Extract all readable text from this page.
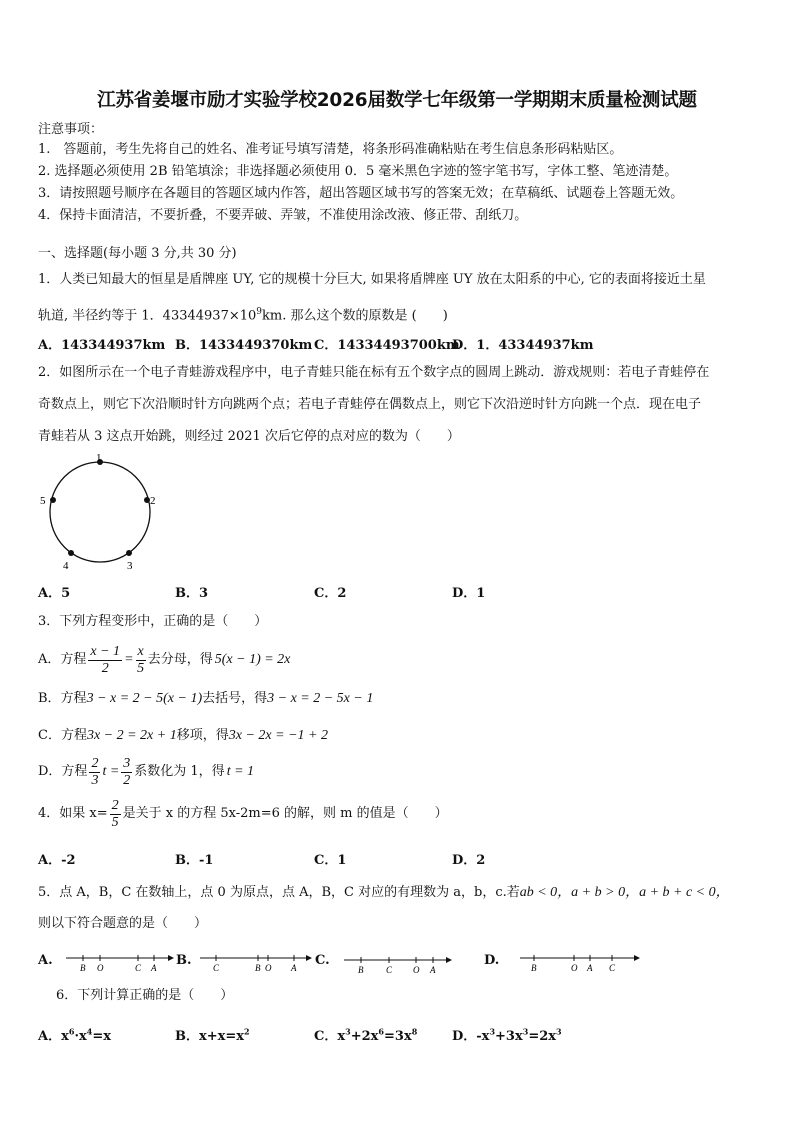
江苏省姜堰市励才实验学校2026届数学七年级第一学期期末质量检测试题
注意事项：
1.　答题前，考生先将自己的姓名、准考证号填写清楚，将条形码准确粘贴在考生信息条形码粘贴区。
2. 选择题必须使用 2B 铅笔填涂；非选择题必须使用 0．5 毫米黑色字迹的签字笔书写，字体工整、笔迹清楚。
3．请按照题号顺序在各题目的答题区域内作答，超出答题区域书写的答案无效；在草稿纸、试题卷上答题无效。
4．保持卡面清洁，不要折叠，不要弄破、弄皱，不准使用涂改液、修正带、刮纸刀。
一、选择题(每小题 3 分,共 30 分)
1．人类已知最大的恒星是盾牌座 UY, 它的规模十分巨大, 如果将盾牌座 UY 放在太阳系的中心, 它的表面将接近土星
轨道, 半径约等于 1．$43344937\times 10^9km$. 那么这个数的原数是 (　　)
A．143344937km B．1433449370km C．14334493700km
D．1．43344937km
2．如图所示在一个电子青蛙游戏程序中，电子青蛙只能在标有五个数字点的圆周上跳动．游戏规则：若电子青蛙停在
奇数点上，则它下次沿顺时针方向跳两个点；若电子青蛙停在偶数点上，则它下次沿逆时针方向跳一个点．现在电子
青蛙若从 3 这点开始跳，则经过 2021 次后它停的点对应的数为（　　）
1
2
3
4
5
A．5	B．3	C．2	D．1
3．下列方程变形中，正确的是（　　）
A．方程 $\frac{x - 1}{2} = \frac{x}{5}$ 去分母，得 5(x − 1) = 2x
B．方程3 − x = 2 − 5(x − 1)去括号，得3 − x = 2 − 5x − 1
C．方程3x − 2 = 2x + 1移项，得3x − 2x = −1 + 2
D．方程 $\frac{2}{3}$ $t = \frac{3}{2}$ 系数化为 1，得 t = 1
4．如果 $x= \frac{2}{5}$ 是关于 x 的方程 5x-2m=6 的解，则 m 的值是（　　）
A．-2	B．-1	C．1	D．2
5．点 A，B，C 在数轴上，点 0 为原点，点 A，B，C 对应的有理数为 a，b，c.若ab < 0，a + b > 0，a + b + c < 0，
则以下符合题意的是（　　）
A.	B O	C A B. C	B O A C.
B	C O A
D.	B	O A C
6．下列计算正确的是（　　）
A．$x^6\cdot x^4=x$	B．$x+x=x^2$	C．$x^3+2x^6=3x^8$	D．$-x^3+3x^3=2x^3$
